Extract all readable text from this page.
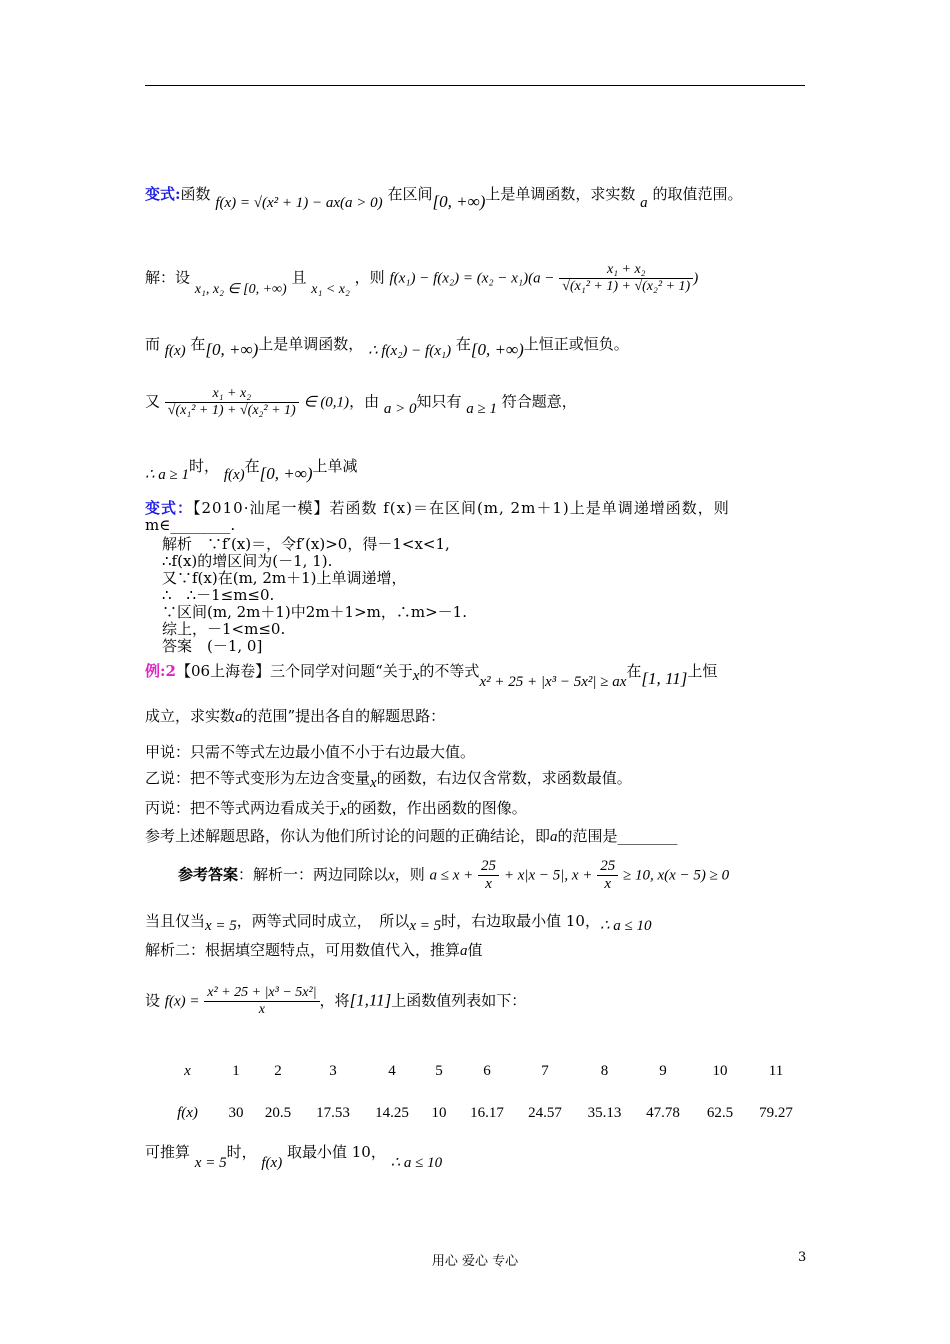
变式:函数 f(x) = √(x² + 1) − ax(a > 0) 在区间[0, +∞)上是单调函数，求实数 a 的取值范围。
解：设 x₁, x₂ ∈ [0, +∞) 且 x₁ < x₂ ，则 $f(x_1) - f(x_2) = (x_2 - x_1)(a - \frac{\text{x₁ + x₂}}{\text{√(x₁² + 1) + √(x₂² + 1)}}$ )
而 f(x) 在[0, +∞)上是单调函数， ∴ f(x₂) − f(x₁) 在[0, +∞)上恒正或恒负。
又 $\frac{\text{x₁ + x₂}}{\text{√(x₁² + 1) + √(x₂² + 1)}}$ ∈ (0,1)，由 a > 0知只有 a ≥ 1 符合题意，
∴ a ≥ 1时， f(x)在[0, +∞)上单减
变式：【2010·汕尾一模】若函数 f(x)＝在区间(m, 2m＋1)上是单调递增函数，则
m∈________.
解析　∵f′(x)＝，令f′(x)>0，得－1<x<1,
∴f(x)的增区间为(－1, 1).
又∵f(x)在(m, 2m＋1)上单调递增，
∴　∴－1≤m≤0.
∵区间(m, 2m＋1)中2m＋1>m，∴m>－1.
综上，－1<m≤0.
答案　(－1, 0]
例:2【06上海卷】三个同学对问题“关于x的不等式x² + 25 + |x³ − 5x²| ≥ ax在[1, 11]上恒
成立，求实数a的范围”提出各自的解题思路：
甲说：只需不等式左边最小值不小于右边最大值。
乙说：把不等式变形为左边含变量x的函数，右边仅含常数，求函数最值。
丙说：把不等式两边看成关于x的函数，作出函数的图像。
参考上述解题思路，你认为他们所讨论的问题的正确结论，即a的范围是________
参考答案：解析一：两边同除以x，则 $a \le x + \frac{25}{x} + x|x - 5|$, $x + \frac{25}{x} \ge 10$, x(x − 5) ≥ 0
当且仅当x = 5，两等式同时成立，　所以x = 5时，右边取最小值 10，∴ a ≤ 10
解析二：根据填空题特点，可用数值代入，推算a值
设 $f(x) = \frac{\text{x² + 25 + |x³ − 5x²|}}{x}$ ，将[1,11]上函数值列表如下：
x	1	2	3	4	5	6	7	8	9	10	11
f(x)	30	20.5	17.53	14.25	10	16.17	24.57	35.13	47.78	62.5	79.27
可推算 x = 5时， f(x) 取最小值 10， ∴ a ≤ 10
用心 爱心 专心	3
